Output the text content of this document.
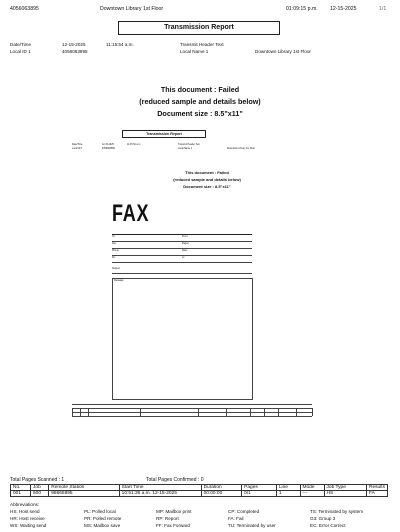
4056063895	Downtown Library 1st Floor	01:09:15 p.m. 12-15-2025	1/1
Transmission Report
Date/Time	12-15-2025	11:15:54 a.m.
Local ID 1	4056063895
Transmit Header Text
Local Name 1	Downtown Library 1st Floor
This document : Failed
(reduced sample and details below)
Document size : 8.5"x11"
Transmission Report
Date/Time	12-15-2025	11:15:54 a.m.
Local ID 1	4056063895
Transmit Header Text
Local Name 1	Downtown Library 1st Floor
This document : Failed
(reduced sample and details below)
Document size : 8.5"x11"
FAX
To:	From:
Fax:	Pages:
Phone:	Date:
Re:	cc:
Subject:
Message:
Total Pages Scanned : 1	Total Pages Confirmed : 0
No.	Job	Remote Station	Start Time	Duration	Pages	Line	Mode	Job Type	Results
001	600	98665895	10:51:36 a.m. 12-15-2025	00:00:00	0/1	1	---	HS	FA
Abbreviations:
HS: Host send
HR: Host receive
WS: Waiting send
PL: Polled local
PR: Polled remote
MS: Mailbox save
MP: Mailbox print
RP: Report
FF: Fax Forward
CP: Completed
FA: Fail
TU: Terminated by user
TS: Terminated by system
G3: Group 3
EC: Error Correct
